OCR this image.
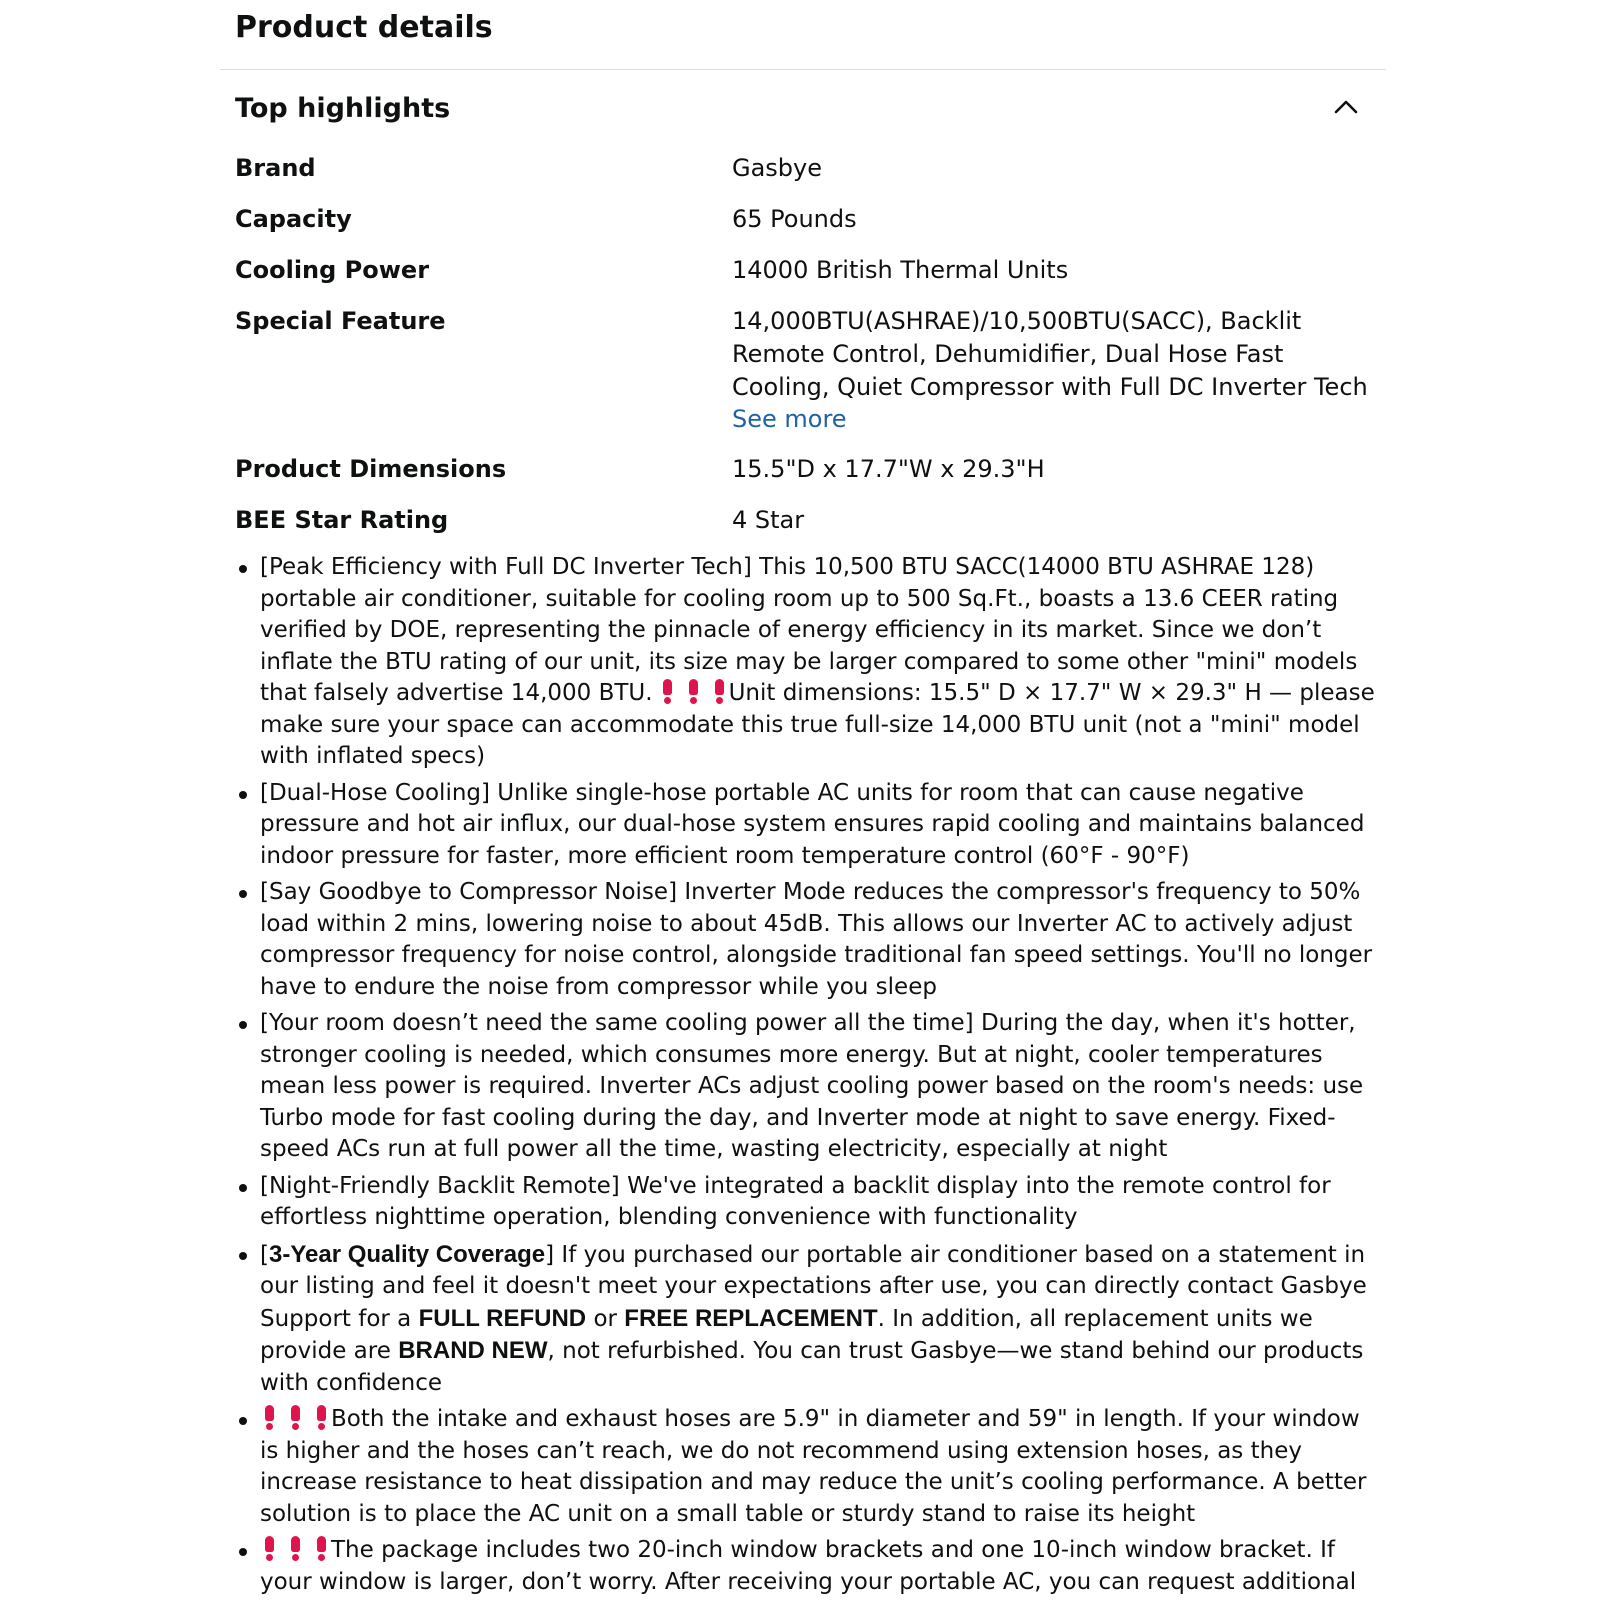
Product details
Top highlights
Brand	Gasbye
Capacity	65 Pounds
Cooling Power	14000 British Thermal Units
Special Feature	14,000BTU(ASHRAE)/10,500BTU(SACC), Backlit Remote Control, Dehumidifier, Dual Hose Fast Cooling, Quiet Compressor with Full DC Inverter Tech
See more
Product Dimensions	15.5"D x 17.7"W x 29.3"H
BEE Star Rating	4 Star
[Peak Efficiency with Full DC Inverter Tech] This 10,500 BTU SACC(14000 BTU ASHRAE 128) portable air conditioner, suitable for cooling room up to 500 Sq.Ft., boasts a 13.6 CEER rating verified by DOE, representing the pinnacle of energy efficiency in its market. Since we don’t inflate the BTU rating of our unit, its size may be larger compared to some other "mini" models that falsely advertise 14,000 BTU.	Unit dimensions: 15.5" D × 17.7" W × 29.3" H — please make sure your space can accommodate this true full-size 14,000 BTU unit (not a "mini" model with inflated specs)
[Dual-Hose Cooling] Unlike single-hose portable AC units for room that can cause negative pressure and hot air influx, our dual-hose system ensures rapid cooling and maintains balanced indoor pressure for faster, more efficient room temperature control (60°F - 90°F)
[Say Goodbye to Compressor Noise] Inverter Mode reduces the compressor's frequency to 50% load within 2 mins, lowering noise to about 45dB. This allows our Inverter AC to actively adjust compressor frequency for noise control, alongside traditional fan speed settings. You'll no longer have to endure the noise from compressor while you sleep
[Your room doesn’t need the same cooling power all the time] During the day, when it's hotter, stronger cooling is needed, which consumes more energy. But at night, cooler temperatures mean less power is required. Inverter ACs adjust cooling power based on the room's needs: use Turbo mode for fast cooling during the day, and Inverter mode at night to save energy. Fixed-speed ACs run at full power all the time, wasting electricity, especially at night
[Night-Friendly Backlit Remote] We've integrated a backlit display into the remote control for effortless nighttime operation, blending convenience with functionality
[3-Year Quality Coverage] If you purchased our portable air conditioner based on a statement in our listing and feel it doesn't meet your expectations after use, you can directly contact Gasbye Support for a FULL REFUND or FREE REPLACEMENT. In addition, all replacement units we provide are BRAND NEW, not refurbished. You can trust Gasbye—we stand behind our products with confidence
Both the intake and exhaust hoses are 5.9" in diameter and 59" in length. If your window is higher and the hoses can’t reach, we do not recommend using extension hoses, as they increase resistance to heat dissipation and may reduce the unit’s cooling performance. A better solution is to place the AC unit on a small table or sturdy stand to raise its height
The package includes two 20-inch window brackets and one 10-inch window bracket. If your window is larger, don’t worry. After receiving your portable AC, you can request additional
